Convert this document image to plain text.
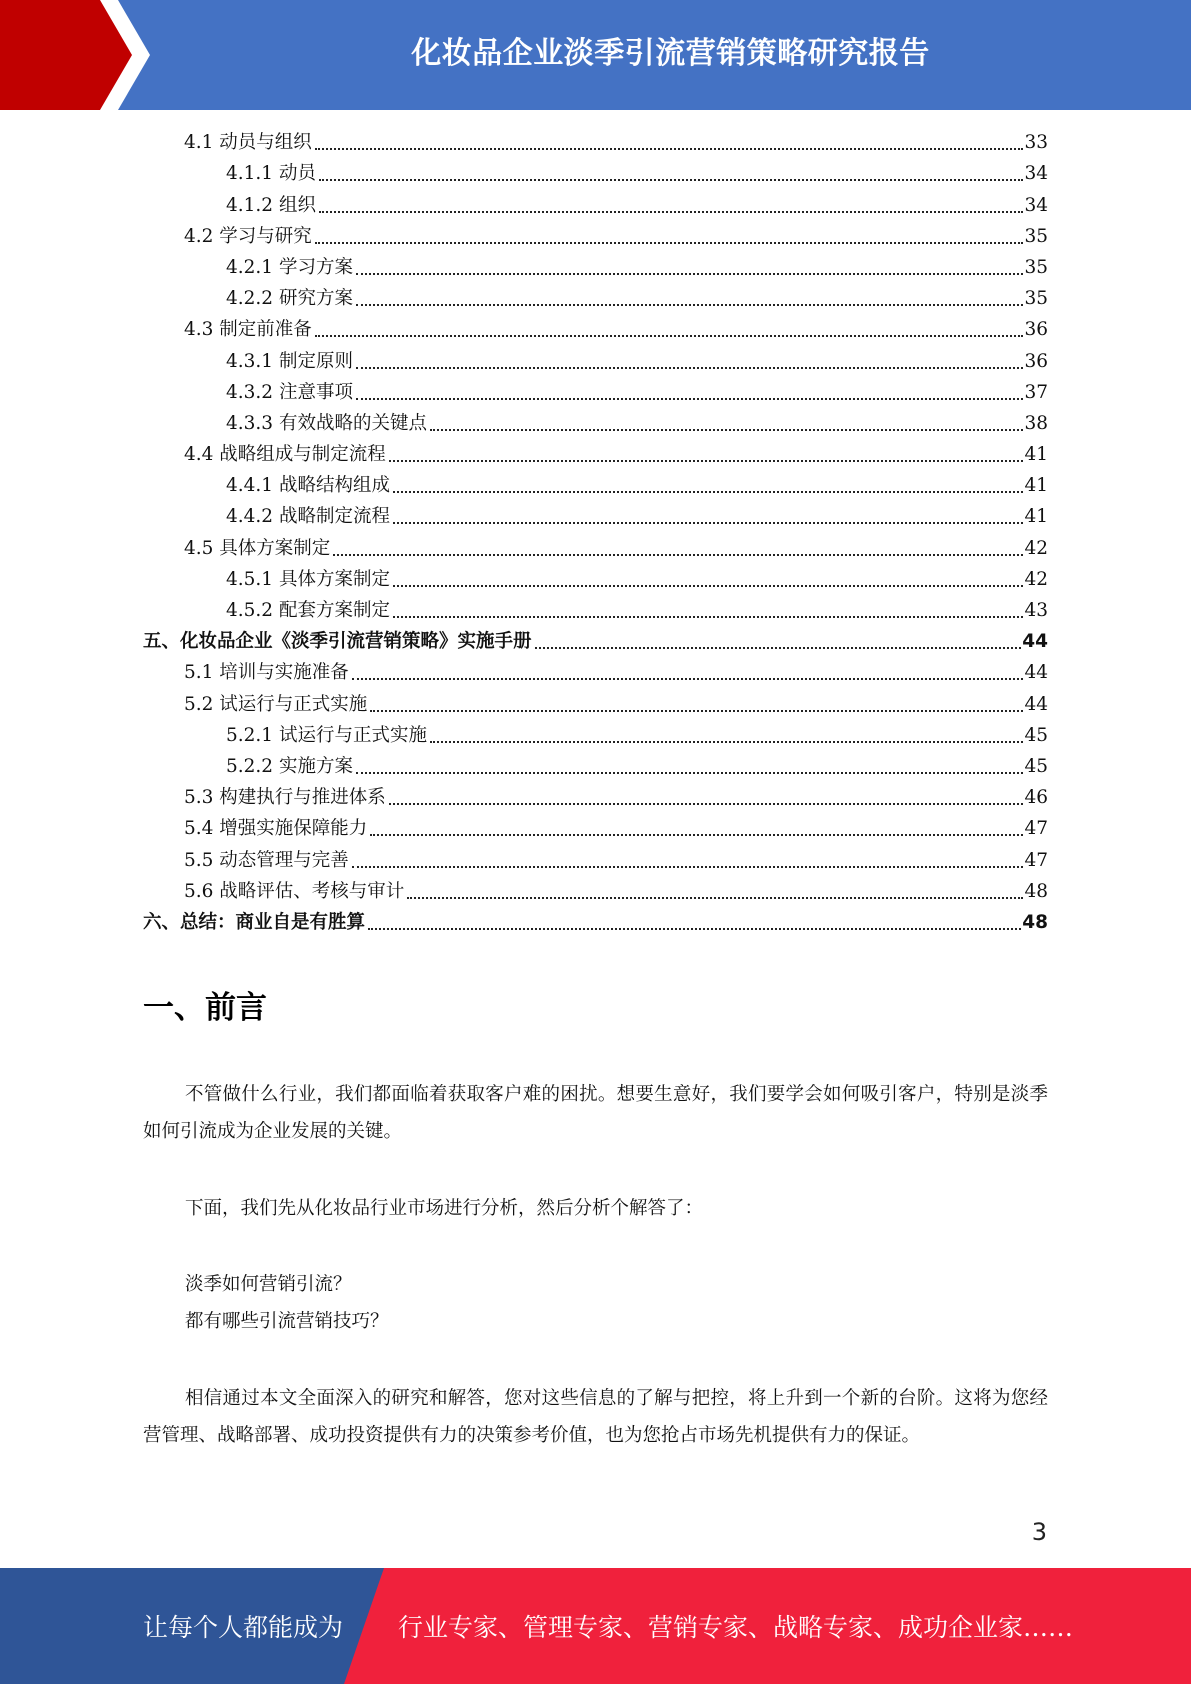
化妆品企业淡季引流营销策略研究报告
4.1 动员与组织	33
4.1.1 动员	34
4.1.2 组织	34
4.2 学习与研究	35
4.2.1 学习方案	35
4.2.2 研究方案	35
4.3 制定前准备	36
4.3.1 制定原则	36
4.3.2 注意事项	37
4.3.3 有效战略的关键点	38
4.4 战略组成与制定流程	41
4.4.1 战略结构组成	41
4.4.2 战略制定流程	41
4.5 具体方案制定	42
4.5.1 具体方案制定	42
4.5.2 配套方案制定	43
五、化妆品企业《淡季引流营销策略》实施手册	44
5.1 培训与实施准备	44
5.2 试运行与正式实施	44
5.2.1 试运行与正式实施	45
5.2.2 实施方案	45
5.3 构建执行与推进体系	46
5.4 增强实施保障能力	47
5.5 动态管理与完善	47
5.6 战略评估、考核与审计	48
六、总结：商业自是有胜算	48
一、前言

不管做什么行业，我们都面临着获取客户难的困扰。想要生意好，我们要学会如何吸引客户，特别是淡季如何引流成为企业发展的关键。

下面，我们先从化妆品行业市场进行分析，然后分析个解答了：

淡季如何营销引流？

都有哪些引流营销技巧？

相信通过本文全面深入的研究和解答，您对这些信息的了解与把控，将上升到一个新的台阶。这将为您经营管理、战略部署、成功投资提供有力的决策参考价值，也为您抢占市场先机提供有力的保证。

3
让每个人都能成为 行业专家、管理专家、营销专家、战略专家、成功企业家……
